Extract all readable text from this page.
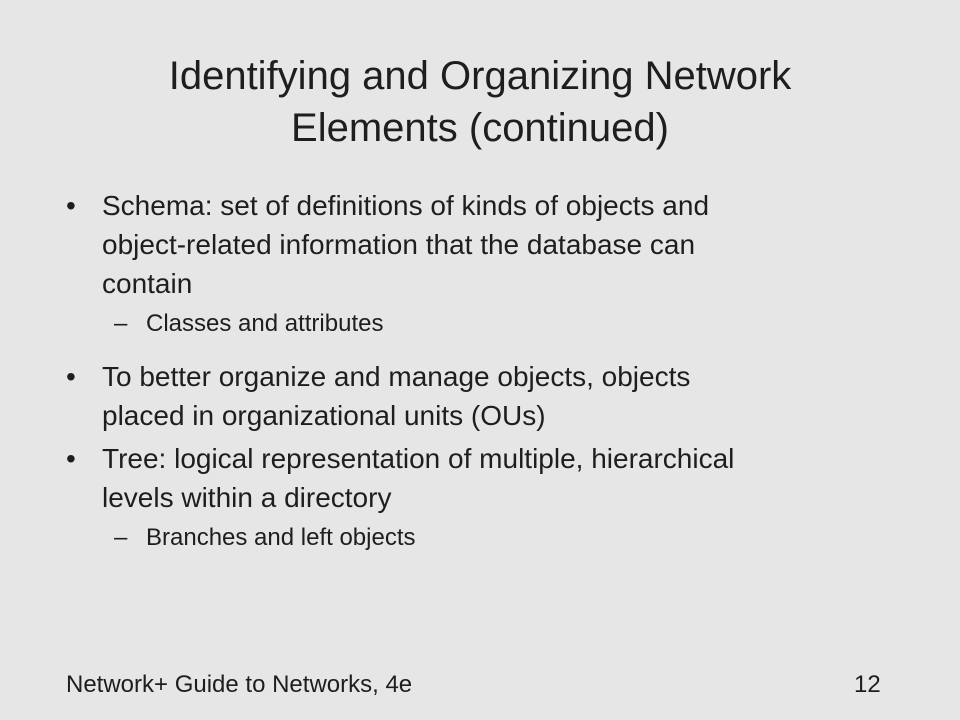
Identifying and Organizing Network
Elements (continued)
• Schema: set of definitions of kinds of objects and
object-related information that the database can
contain
– Classes and attributes
• To better organize and manage objects, objects
placed in organizational units (OUs)
• Tree: logical representation of multiple, hierarchical
levels within a directory
– Branches and left objects
Network+ Guide to Networks, 4e	12
